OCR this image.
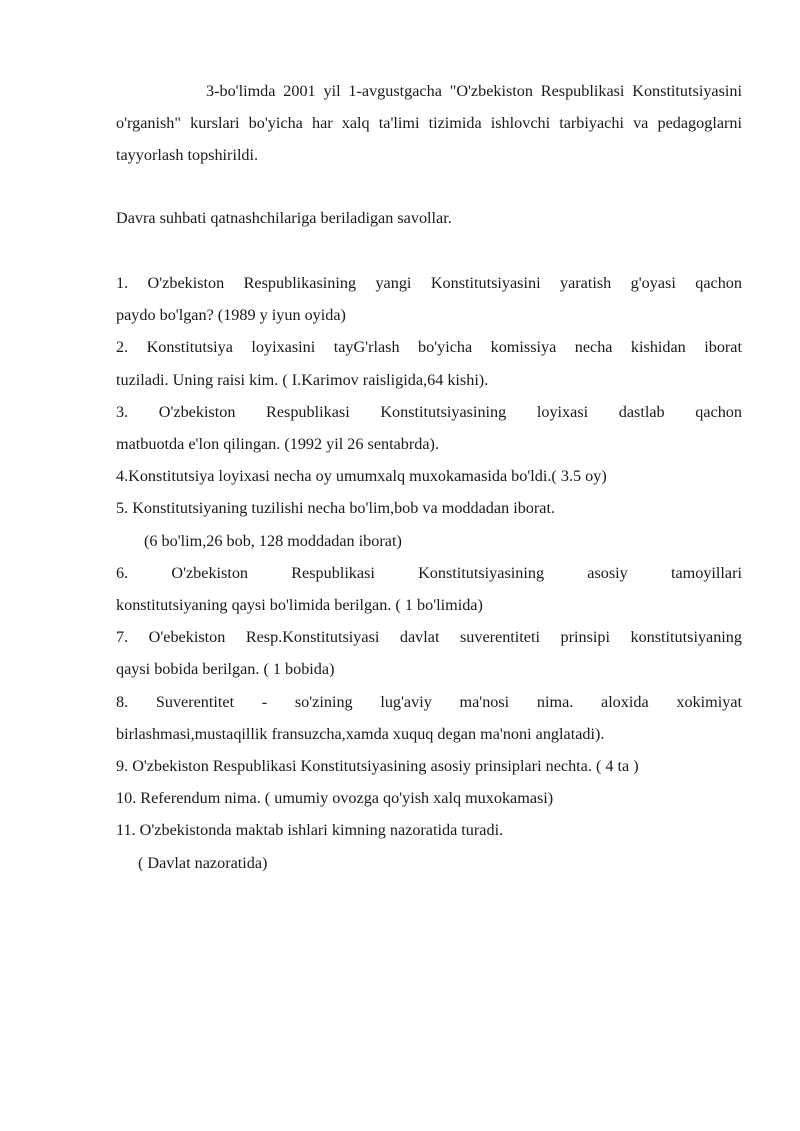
3-bo'limda 2001 yil 1-avgustgacha "O'zbekiston Respublikasi Konstitutsiyasini o'rganish" kurslari bo'yicha har xalq ta'limi tizimida ishlovchi tarbiyachi va pedagoglarni tayyorlash topshirildi.

Davra suhbati qatnashchilariga beriladigan savollar.

1. O'zbekiston Respublikasining yangi Konstitutsiyasini yaratish g'oyasi qachon
paydo bo'lgan? (1989 y iyun oyida)

2. Konstitutsiya loyixasini tayG'rlash bo'yicha komissiya necha kishidan iborat
tuziladi. Uning raisi kim. ( I.Karimov raisligida,64 kishi).

3. O'zbekiston Respublikasi Konstitutsiyasining loyixasi dastlab qachon
matbuotda e'lon qilingan. (1992 yil 26 sentabrda).

4.Konstitutsiya loyixasi necha oy umumxalq muxokamasida bo'ldi.( 3.5 oy)

5. Konstitutsiyaning tuzilishi necha bo'lim,bob va moddadan iborat.
(6 bo'lim,26 bob, 128 moddadan iborat)

6. O'zbekiston Respublikasi Konstitutsiyasining asosiy tamoyillari
konstitutsiyaning qaysi bo'limida berilgan. ( 1 bo'limida)

7. O'ebekiston Resp.Konstitutsiyasi davlat suverentiteti prinsipi konstitutsiyaning
qaysi bobida berilgan. ( 1 bobida)

8. Suverentitet - so'zining lug'aviy ma'nosi nima. aloxida xokimiyat
birlashmasi,mustaqillik fransuzcha,xamda xuquq degan ma'noni anglatadi).

9. O'zbekiston Respublikasi Konstitutsiyasining asosiy prinsiplari nechta. ( 4 ta )

10. Referendum nima. ( umumiy ovozga qo'yish xalq muxokamasi)

11. O'zbekistonda maktab ishlari kimning nazoratida turadi.
( Davlat nazoratida)
